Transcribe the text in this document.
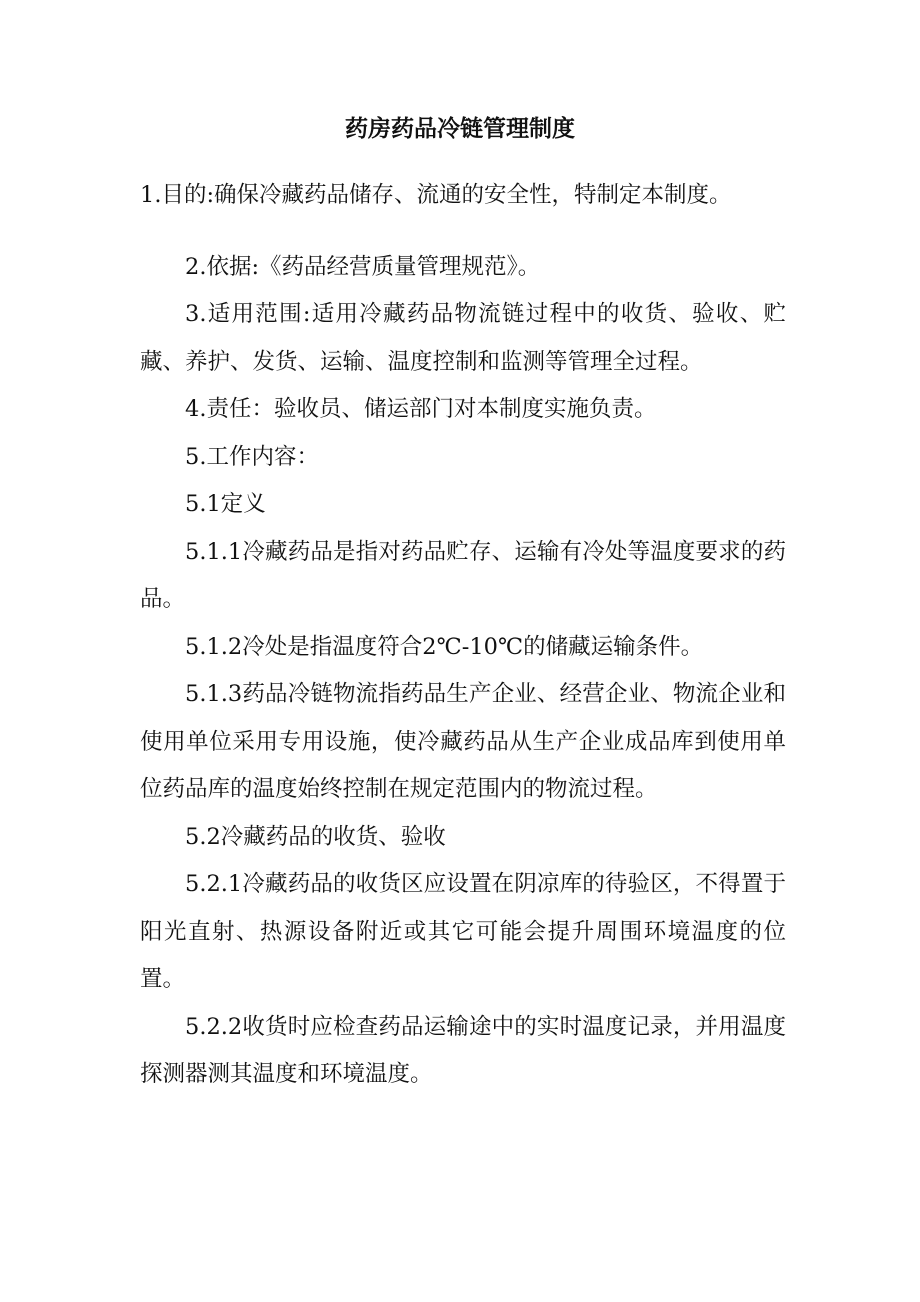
药房药品冷链管理制度

1.目的:确保冷藏药品储存、流通的安全性，特制定本制度。

2.依据:《药品经营质量管理规范》。

3.适用范围:适用冷藏药品物流链过程中的收货、验收、贮藏、养护、发货、运输、温度控制和监测等管理全过程。

4.责任：验收员、储运部门对本制度实施负责。

5.工作内容：

5.1定义

5.1.1冷藏药品是指对药品贮存、运输有冷处等温度要求的药品。

5.1.2冷处是指温度符合2℃-10℃的储藏运输条件。

5.1.3药品冷链物流指药品生产企业、经营企业、物流企业和使用单位采用专用设施，使冷藏药品从生产企业成品库到使用单位药品库的温度始终控制在规定范围内的物流过程。

5.2冷藏药品的收货、验收

5.2.1冷藏药品的收货区应设置在阴凉库的待验区，不得置于阳光直射、热源设备附近或其它可能会提升周围环境温度的位置。

5.2.2收货时应检查药品运输途中的实时温度记录，并用温度探测器测其温度和环境温度。
